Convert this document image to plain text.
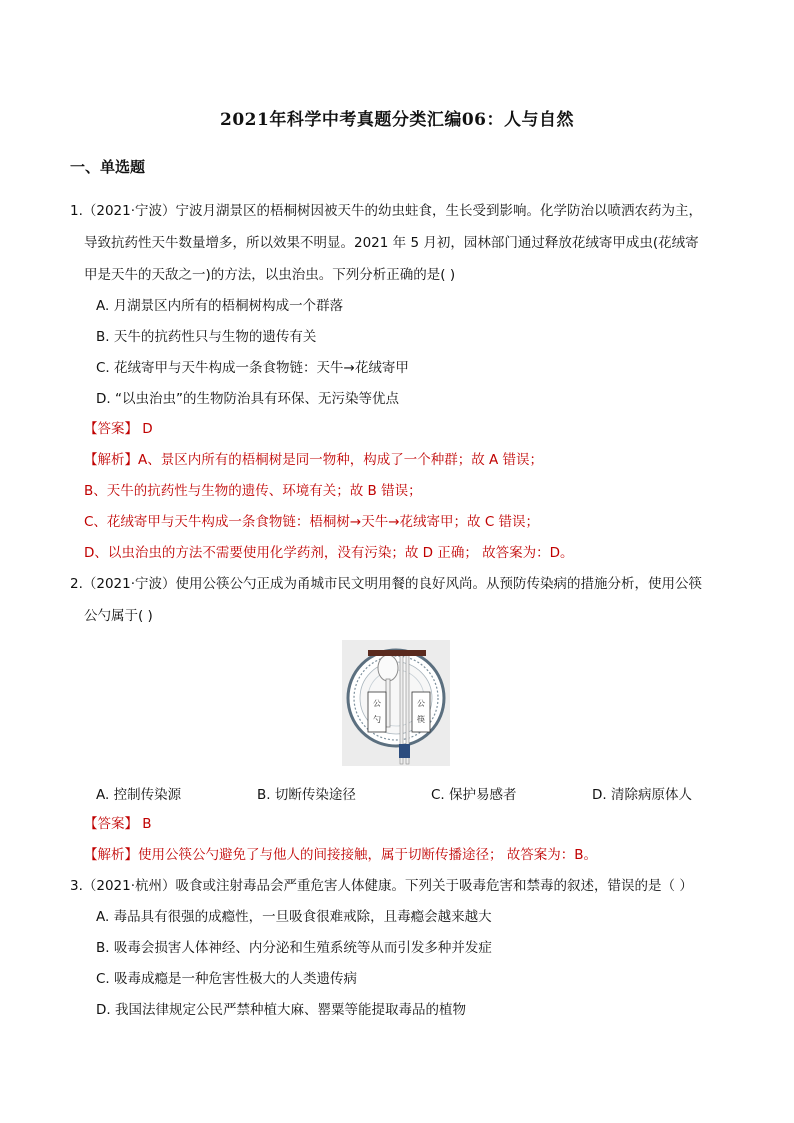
2021年科学中考真题分类汇编06：人与自然
一、单选题
1.（2021·宁波）宁波月湖景区的梧桐树因被天牛的幼虫蛀食，生长受到影响。化学防治以喷洒农药为主，
导致抗药性天牛数量增多，所以效果不明显。2021 年 5 月初，园林部门通过释放花绒寄甲成虫(花绒寄
甲是天牛的天敌之一)的方法，以虫治虫。下列分析正确的是( )
A. 月湖景区内所有的梧桐树构成一个群落
B. 天牛的抗药性只与生物的遗传有关
C. 花绒寄甲与天牛构成一条食物链：天牛→花绒寄甲
D. “以虫治虫”的生物防治具有环保、无污染等优点
【答案】 D
【解析】A、景区内所有的梧桐树是同一物种，构成了一个种群；故 A 错误；
B、天牛的抗药性与生物的遗传、环境有关；故 B 错误；
C、花绒寄甲与天牛构成一条食物链：梧桐树→天牛→花绒寄甲；故 C 错误；
D、以虫治虫的方法不需要使用化学药剂，没有污染；故 D 正确； 故答案为：D。
2.（2021·宁波）使用公筷公勺正成为甬城市民文明用餐的良好风尚。从预防传染病的措施分析，使用公筷
公勺属于( )
公
勺
公
筷
A. 控制传染源	B. 切断传染途径	C. 保护易感者	D. 清除病原体人
【答案】 B
【解析】使用公筷公勺避免了与他人的间接接触，属于切断传播途径； 故答案为：B。
3.（2021·杭州）吸食或注射毒品会严重危害人体健康。下列关于吸毒危害和禁毒的叙述，错误的是（ ）
A. 毒品具有很强的成瘾性，一旦吸食很难戒除，且毒瘾会越来越大
B. 吸毒会损害人体神经、内分泌和生殖系统等从而引发多种并发症
C. 吸毒成瘾是一种危害性极大的人类遗传病
D. 我国法律规定公民严禁种植大麻、罂粟等能提取毒品的植物
